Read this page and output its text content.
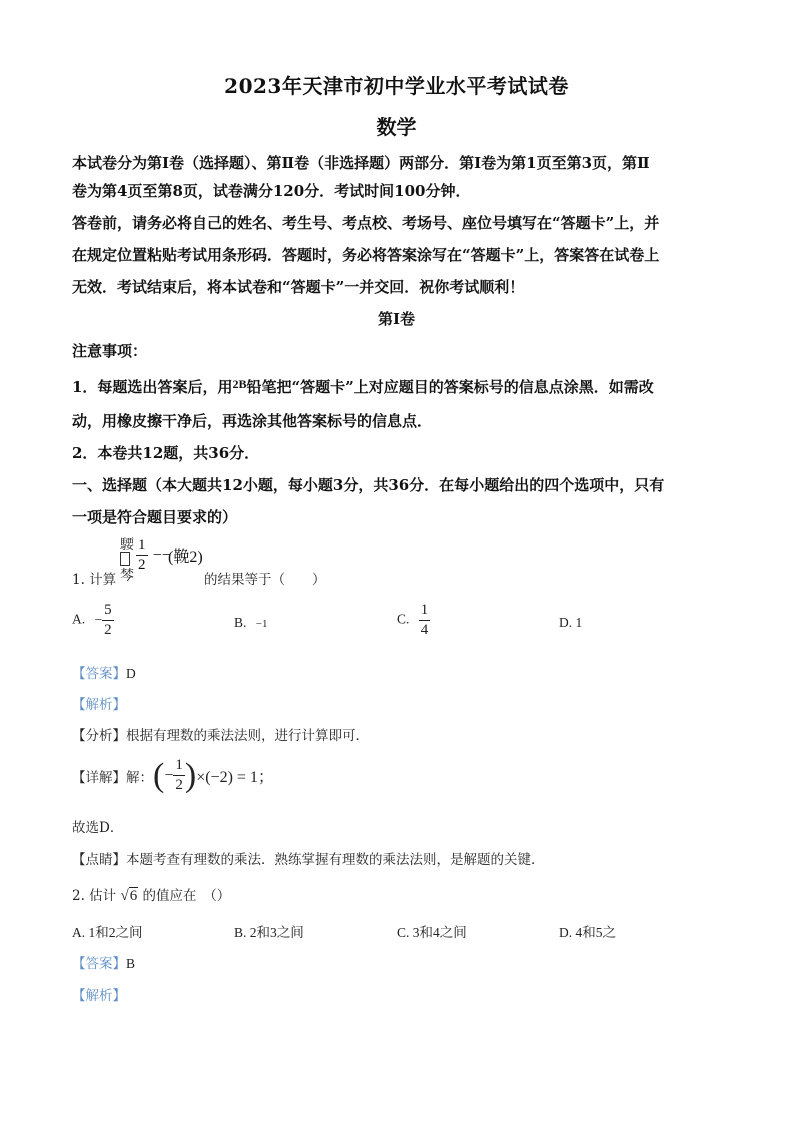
2023年天津市初中学业水平考试试卷
数学
本试卷分为第Ⅰ卷（选择题）、第Ⅱ卷（非选择题）两部分．第Ⅰ卷为第1页至第3页，第Ⅱ
卷为第4页至第8页，试卷满分120分．考试时间100分钟．
答卷前，请务必将自己的姓名、考生号、考点校、考场号、座位号填写在“答题卡”上，并
在规定位置粘贴考试用条形码．答题时，务必将答案涂写在“答题卡”上，答案答在试卷上
无效．考试结束后，将本试卷和“答题卡”一并交回．祝你考试顺利！
第Ⅰ卷
注意事项：
1．每题选出答案后，用$^{2B}$铅笔把“答题卡”上对应题目的答案标号的信息点涂黑．如需改
动，用橡皮擦干净后，再选涂其他答案标号的信息点．
2．本卷共12题，共36分．
一、选择题（本大题共12小题，每小题3分，共36分．在每小题给出的四个选项中，只有
一项是符合题目要求的）
1. 计算
騕
棽
$\frac{1}{2}$ −−
(鞔2)
的结果等于（　　）
A. − $\frac{5}{2}$	B. −1	C. $\frac{1}{4}$	D. 1
【答案】D
【解析】
【分析】根据有理数的乘法法则，进行计算即可．
【详解】 解： ( − $\frac{1}{2}$ ) ×(−2) = 1；
故选D．
【点睛】本题考查有理数的乘法．熟练掌握有理数的乘法法则，是解题的关键．
2. 估计 √6 的值应在　（）
A. 1和2之间	B. 2和3之间	C. 3和4之间	D. 4和5之
【答案】B
【解析】
